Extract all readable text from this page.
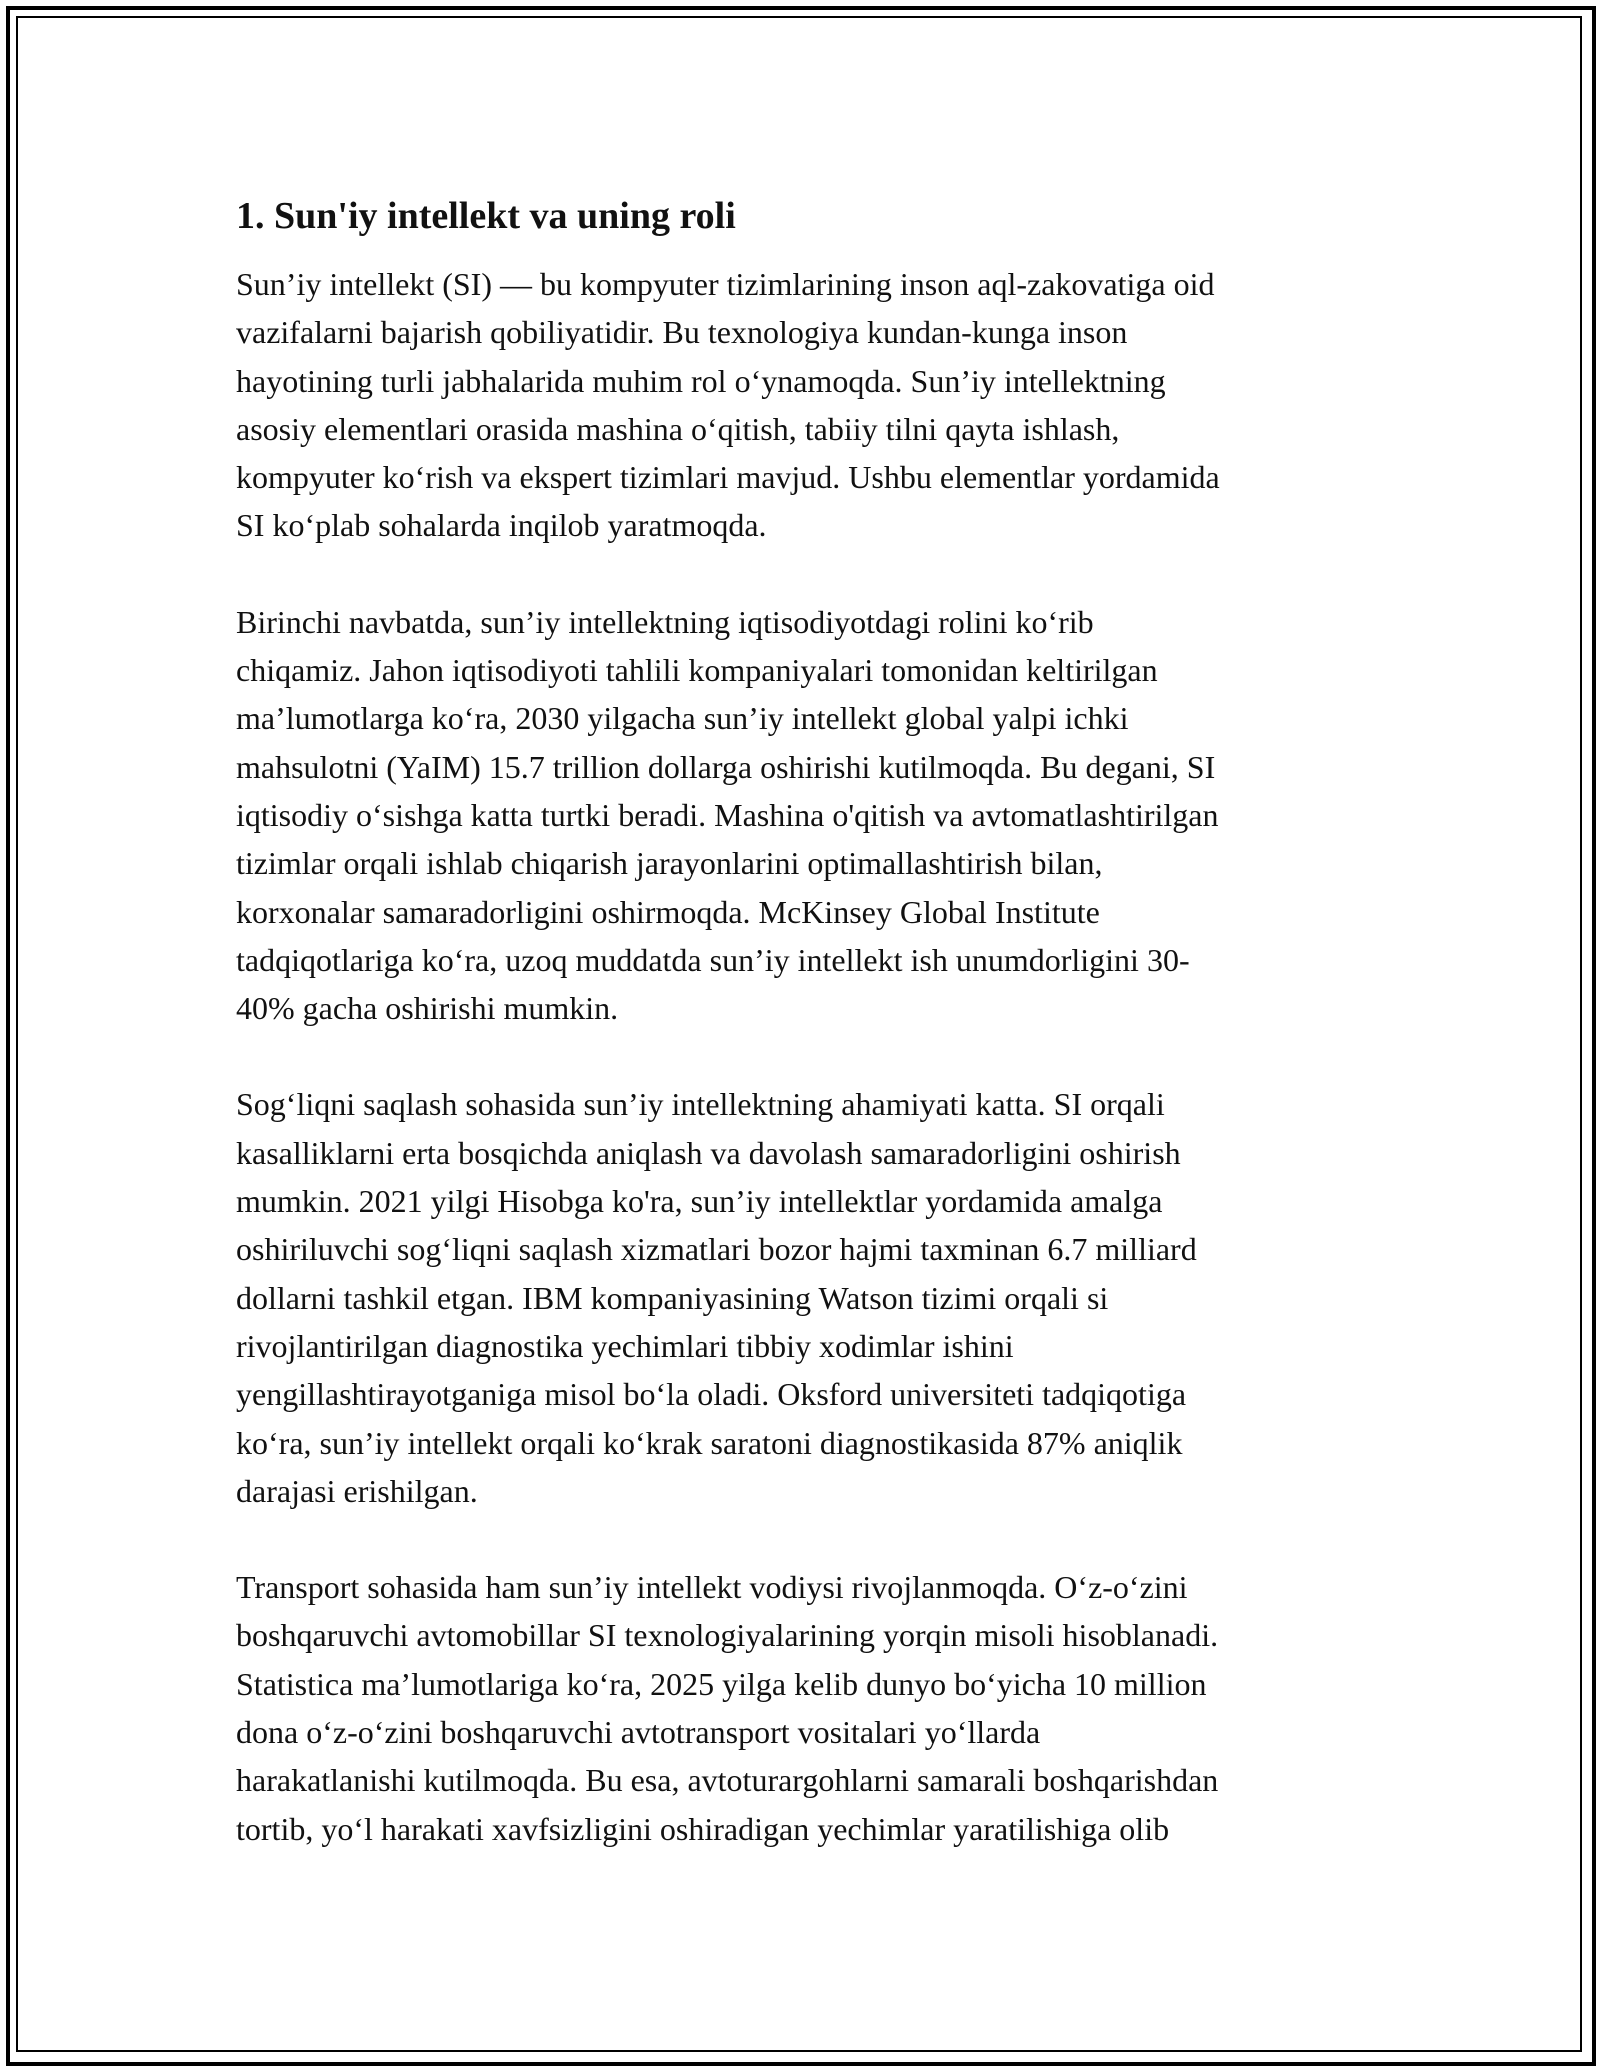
1. Sun'iy intellekt va uning roli

Sun’iy intellekt (SI) — bu kompyuter tizimlarining inson aql-zakovatiga oid
vazifalarni bajarish qobiliyatidir. Bu texnologiya kundan-kunga inson
hayotining turli jabhalarida muhim rol o‘ynamoqda. Sun’iy intellektning
asosiy elementlari orasida mashina o‘qitish, tabiiy tilni qayta ishlash,
kompyuter ko‘rish va ekspert tizimlari mavjud. Ushbu elementlar yordamida
SI ko‘plab sohalarda inqilob yaratmoqda.

Birinchi navbatda, sun’iy intellektning iqtisodiyotdagi rolini ko‘rib
chiqamiz. Jahon iqtisodiyoti tahlili kompaniyalari tomonidan keltirilgan
ma’lumotlarga ko‘ra, 2030 yilgacha sun’iy intellekt global yalpi ichki
mahsulotni (YaIM) 15.7 trillion dollarga oshirishi kutilmoqda. Bu degani, SI
iqtisodiy o‘sishga katta turtki beradi. Mashina o'qitish va avtomatlashtirilgan
tizimlar orqali ishlab chiqarish jarayonlarini optimallashtirish bilan,
korxonalar samaradorligini oshirmoqda. McKinsey Global Institute
tadqiqotlariga ko‘ra, uzoq muddatda sun’iy intellekt ish unumdorligini 30-
40% gacha oshirishi mumkin.

Sog‘liqni saqlash sohasida sun’iy intellektning ahamiyati katta. SI orqali
kasalliklarni erta bosqichda aniqlash va davolash samaradorligini oshirish
mumkin. 2021 yilgi Hisobga ko'ra, sun’iy intellektlar yordamida amalga
oshiriluvchi sog‘liqni saqlash xizmatlari bozor hajmi taxminan 6.7 milliard
dollarni tashkil etgan. IBM kompaniyasining Watson tizimi orqali si
rivojlantirilgan diagnostika yechimlari tibbiy xodimlar ishini
yengillashtirayotganiga misol bo‘la oladi. Oksford universiteti tadqiqotiga
ko‘ra, sun’iy intellekt orqali ko‘krak saratoni diagnostikasida 87% aniqlik
darajasi erishilgan.

Transport sohasida ham sun’iy intellekt vodiysi rivojlanmoqda. O‘z-o‘zini
boshqaruvchi avtomobillar SI texnologiyalarining yorqin misoli hisoblanadi.
Statistica ma’lumotlariga ko‘ra, 2025 yilga kelib dunyo bo‘yicha 10 million
dona o‘z-o‘zini boshqaruvchi avtotransport vositalari yo‘llarda
harakatlanishi kutilmoqda. Bu esa, avtoturargohlarni samarali boshqarishdan
tortib, yo‘l harakati xavfsizligini oshiradigan yechimlar yaratilishiga olib
